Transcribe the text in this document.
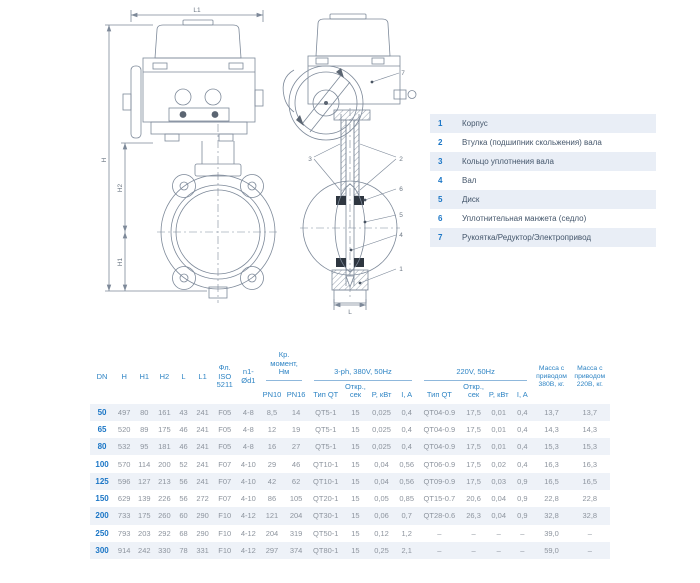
L1
H
H2
H1
7
3	2
6
5
4
1
L
1	Корпус
2	Втулка (подшипник скольжения) вала
3	Кольцо уплотнения вала
4	Вал
5	Диск
6	Уплотнительная манжета (седло)
7	Рукоятка/Редуктор/Электропривод
DN	H	H1	H2	L	L1	Фл. ISO 5211	n1-Ød1	Кр. момент, Нм		3-ph, 380V, 50Hz				220V, 50Hz				Масса с приводом 380В, кг.	Масса с приводом 220В, кг.
								PN10	PN16	Тип QT	Откр., сек	P, кВт	I, A	Тип QT	Откр., сек	P, кВт	I, A		
50	497	80	161	43	241	F05	4-8	8,5	14	QT5-1	15	0,025	0,4	QT04-0.9	17,5	0,01	0,4	13,7	13,7
65	520	89	175	46	241	F05	4-8	12	19	QT5-1	15	0,025	0,4	QT04-0.9	17,5	0,01	0,4	14,3	14,3
80	532	95	181	46	241	F05	4-8	16	27	QT5-1	15	0,025	0,4	QT04-0.9	17,5	0,01	0,4	15,3	15,3
100	570	114	200	52	241	F07	4-10	29	46	QT10-1	15	0,04	0,56	QT06-0.9	17,5	0,02	0,4	16,3	16,3
125	596	127	213	56	241	F07	4-10	42	62	QT10-1	15	0,04	0,56	QT09-0.9	17,5	0,03	0,9	16,5	16,5
150	629	139	226	56	272	F07	4-10	86	105	QT20-1	15	0,05	0,85	QT15-0.7	20,6	0,04	0,9	22,8	22,8
200	733	175	260	60	290	F10	4-12	121	204	QT30-1	15	0,06	0,7	QT28-0.6	26,3	0,04	0,9	32,8	32,8
250	793	203	292	68	290	F10	4-12	204	319	QT50-1	15	0,12	1,2	–	–	–	–	39,0	–
300	914	242	330	78	331	F10	4-12	297	374	QT80-1	15	0,25	2,1	–	–	–	–	59,0	–
